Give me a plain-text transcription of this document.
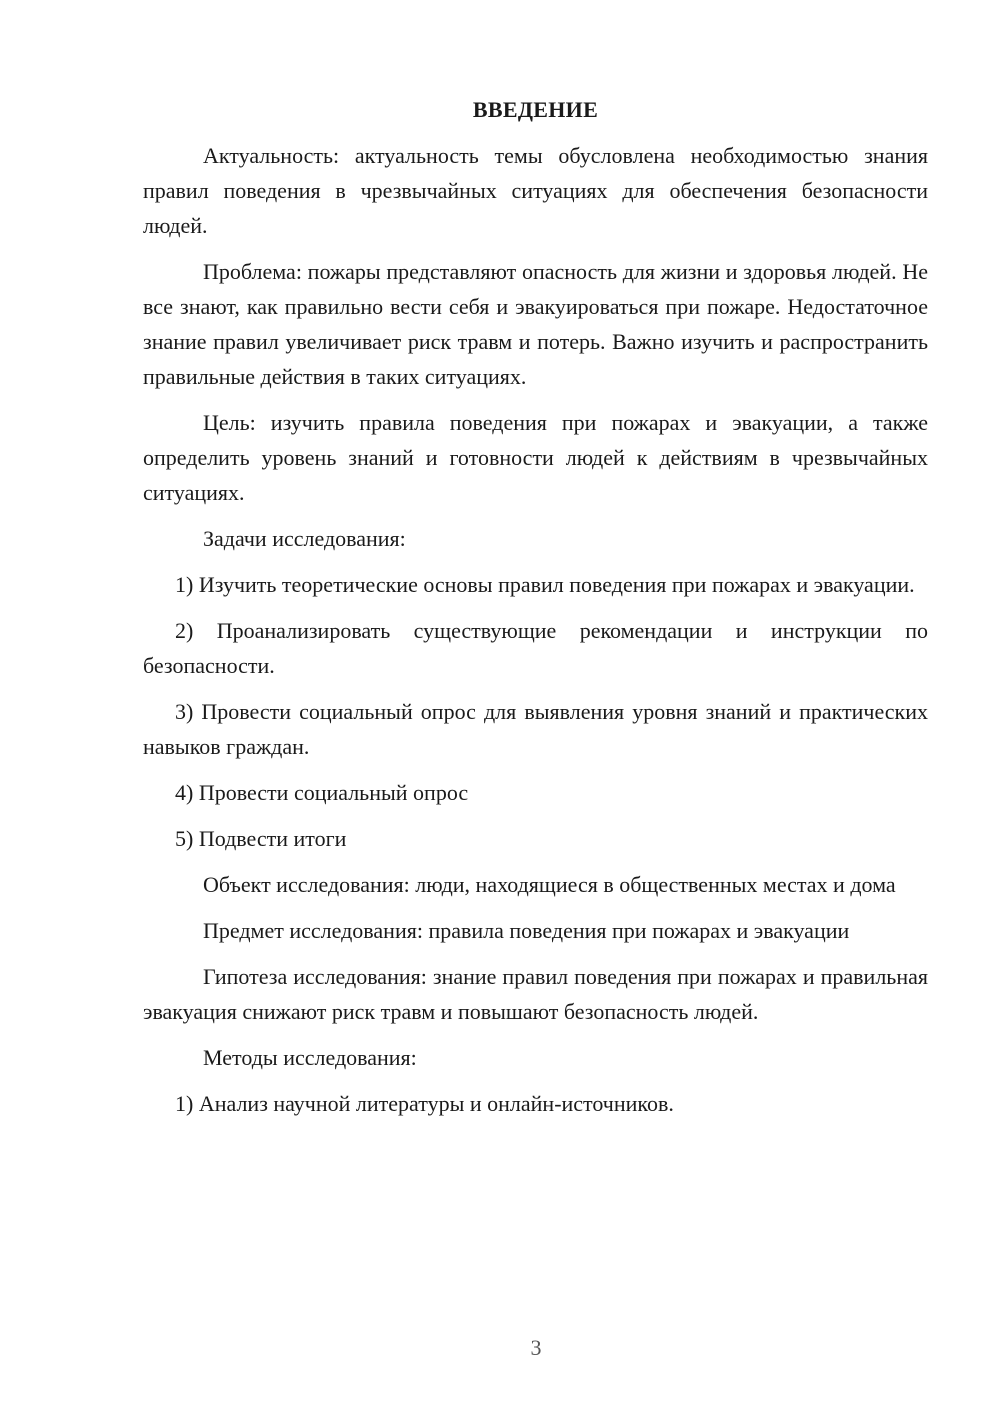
ВВЕДЕНИЕ

Актуальность: актуальность темы обусловлена необходимостью знания правил поведения в чрезвычайных ситуациях для обеспечения безопасности людей.

Проблема: пожары представляют опасность для жизни и здоровья людей. Не все знают, как правильно вести себя и эвакуироваться при пожаре. Недостаточное знание правил увеличивает риск травм и потерь. Важно изучить и распространить правильные действия в таких ситуациях.

Цель: изучить правила поведения при пожарах и эвакуации, а также определить уровень знаний и готовности людей к действиям в чрезвычайных ситуациях.

Задачи исследования:

1) Изучить теоретические основы правил поведения при пожарах и эвакуации.

2) Проанализировать существующие рекомендации и инструкции по безопасности.

3) Провести социальный опрос для выявления уровня знаний и практических навыков граждан.

4) Провести социальный опрос

5) Подвести итоги

Объект исследования: люди, находящиеся в общественных местах и дома

Предмет исследования: правила поведения при пожарах и эвакуации

Гипотеза исследования: знание правил поведения при пожарах и правильная эвакуация снижают риск травм и повышают безопасность людей.

Методы исследования:

1) Анализ научной литературы и онлайн-источников.

3
